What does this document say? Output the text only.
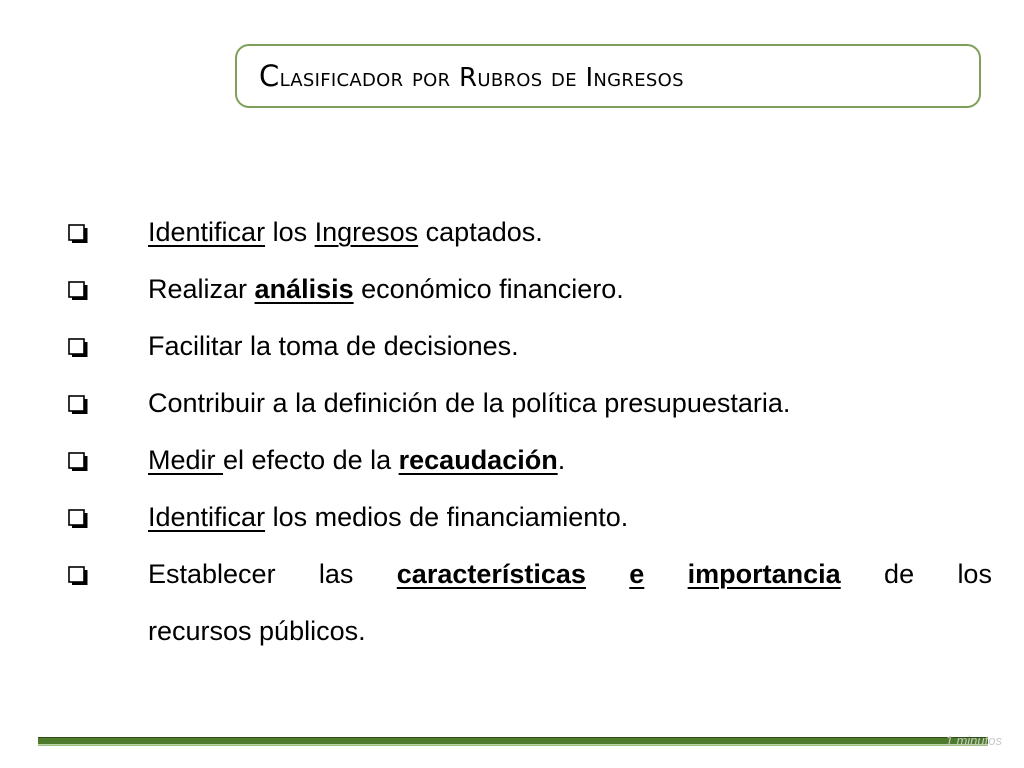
Clasificador por Rubros de Ingresos
Identificar los Ingresos captados.
Realizar análisis económico financiero.
Facilitar la toma de decisiones.
Contribuir a la definición de la política presupuestaria.
Medir el efecto de la recaudación.
Identificar los medios de financiamiento.
Establecer las características e importancia de los
recursos públicos.
1 minutos
